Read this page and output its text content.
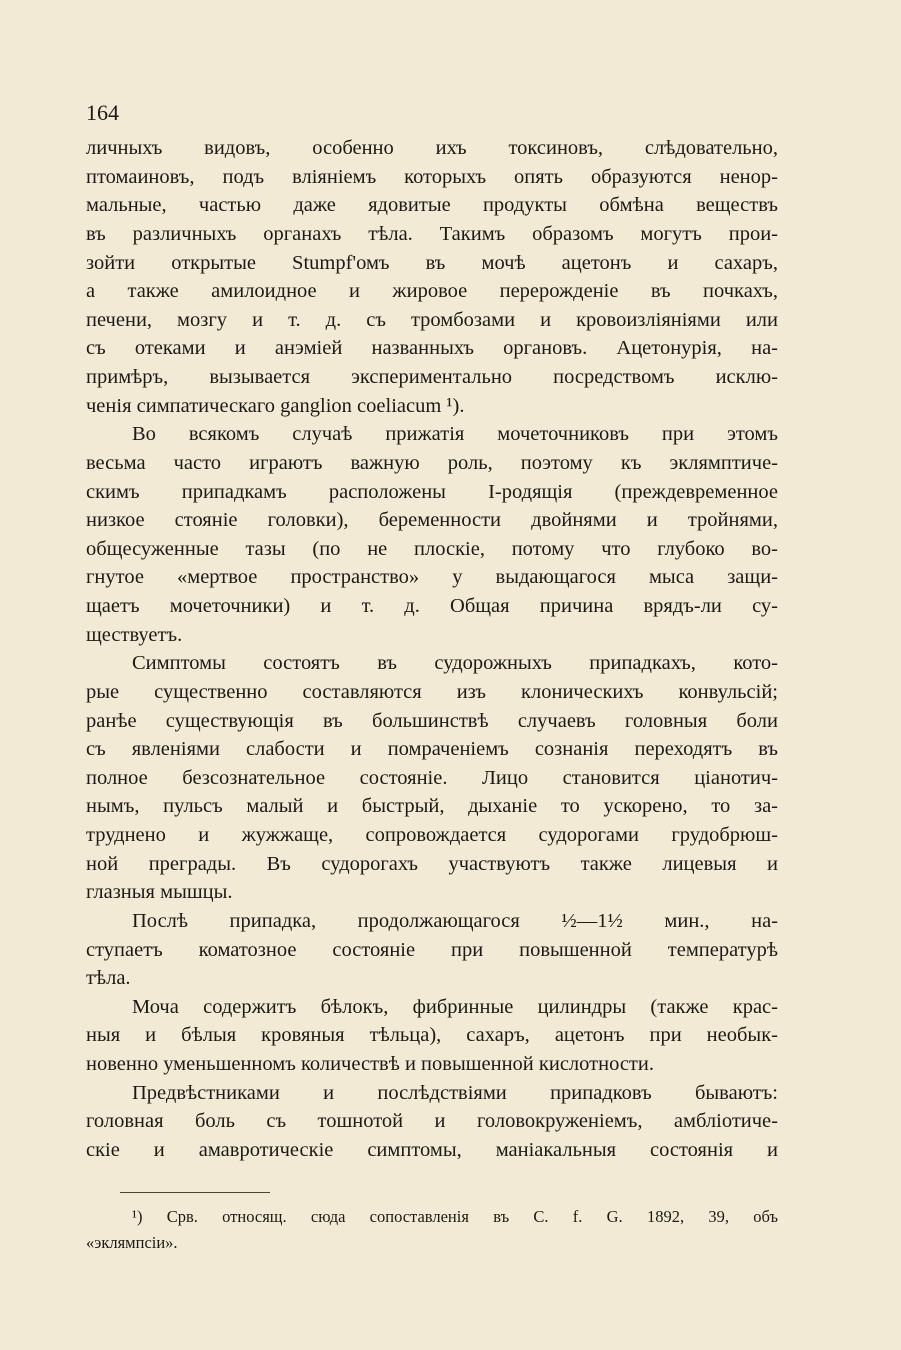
164
личныхъ видовъ, особенно ихъ токсиновъ, слѣдовательно,
птомаиновъ, подъ вліяніемъ которыхъ опять образуются ненор-
мальные, частью даже ядовитые продукты обмѣна веществъ
въ различныхъ органахъ тѣла. Такимъ образомъ могутъ прои-
зойти открытые Stumpf'омъ въ мочѣ ацетонъ и сахаръ,
а также амилоидное и жировое перерожденіе въ почкахъ,
печени, мозгу и т. д. съ тромбозами и кровоизліяніями или
съ отеками и анэміей названныхъ органовъ. Ацетонурія, на-
примѣръ, вызывается экспериментально посредствомъ исклю-
ченія симпатическаго ganglion coeliacum ¹).
Во всякомъ случаѣ прижатія мочеточниковъ при этомъ
весьма часто играютъ важную роль, поэтому къ эклямптиче-
скимъ припадкамъ расположены I-родящія (преждевременное
низкое стояніе головки), беременности двойнями и тройнями,
общесуженные тазы (по не плоскіе, потому что глубоко во-
гнутое «мертвое пространство» у выдающагося мыса защи-
щаетъ мочеточники) и т. д. Общая причина врядъ-ли су-
ществуетъ.
Симптомы состоятъ въ судорожныхъ припадкахъ, кото-
рые существенно составляются изъ клоническихъ конвульсій;
ранѣе существующія въ большинствѣ случаевъ головныя боли
съ явленіями слабости и помраченіемъ сознанія переходятъ въ
полное безсознательное состояніе. Лицо становится ціанотич-
нымъ, пульсъ малый и быстрый, дыханіе то ускорено, то за-
труднено и жужжаще, сопровождается судорогами грудобрюш-
ной преграды. Въ судорогахъ участвуютъ также лицевыя и
глазныя мышцы.
Послѣ припадка, продолжающагося ½—1½ мин., на-
ступаетъ коматозное состояніе при повышенной температурѣ
тѣла.
Моча содержитъ бѣлокъ, фибринные цилиндры (также крас-
ныя и бѣлыя кровяныя тѣльца), сахаръ, ацетонъ при необык-
новенно уменьшенномъ количествѣ и повышенной кислотности.
Предвѣстниками и послѣдствіями припадковъ бываютъ:
головная боль съ тошнотой и головокруженіемъ, амбліотиче-
скіе и амавротическіе симптомы, маніакальныя состоянія и
¹) Срв. относящ. сюда сопоставленія въ C. f. G. 1892, 39, объ
«эклямпсіи».
